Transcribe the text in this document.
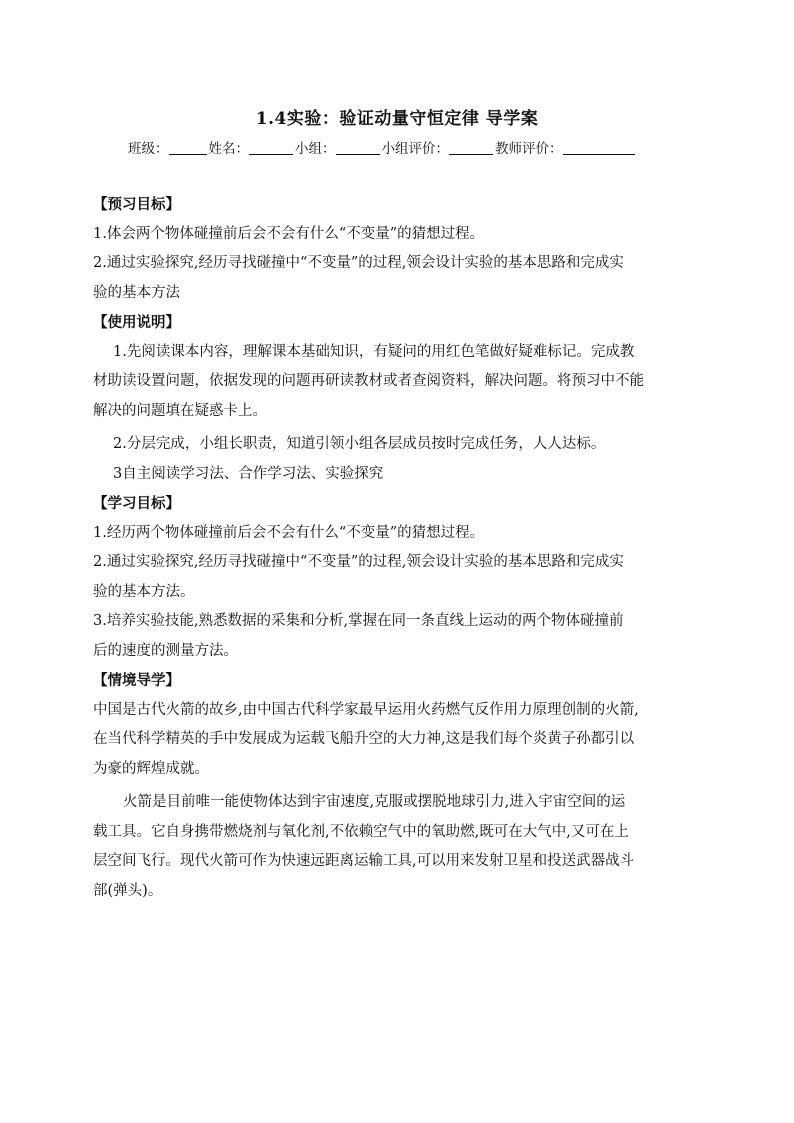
1.4实验：验证动量守恒定律 导学案
班级：	姓名：	小组：	小组评价：	教师评价：
【预习目标】
1.体会两个物体碰撞前后会不会有什么“不变量”的猜想过程。
2.通过实验探究,经历寻找碰撞中“不变量”的过程,领会设计实验的基本思路和完成实
验的基本方法
【使用说明】
1.先阅读课本内容，理解课本基础知识，有疑问的用红色笔做好疑难标记。完成教
材助读设置问题，依据发现的问题再研读教材或者查阅资料，解决问题。将预习中不能
解决的问题填在疑惑卡上。
2.分层完成，小组长职责，知道引领小组各层成员按时完成任务，人人达标。
3自主阅读学习法、合作学习法、实验探究
【学习目标】
1.经历两个物体碰撞前后会不会有什么“不变量”的猜想过程。
2.通过实验探究,经历寻找碰撞中“不变量”的过程,领会设计实验的基本思路和完成实
验的基本方法。
3.培养实验技能,熟悉数据的采集和分析,掌握在同一条直线上运动的两个物体碰撞前
后的速度的测量方法。
【情境导学】
中国是古代火箭的故乡,由中国古代科学家最早运用火药燃气反作用力原理创制的火箭,
在当代科学精英的手中发展成为运载飞船升空的大力神,这是我们每个炎黄子孙都引以
为豪的辉煌成就。
火箭是目前唯一能使物体达到宇宙速度,克服或摆脱地球引力,进入宇宙空间的运
载工具。它自身携带燃烧剂与氧化剂,不依赖空气中的氧助燃,既可在大气中,又可在上
层空间飞行。现代火箭可作为快速远距离运输工具,可以用来发射卫星和投送武器战斗
部(弹头)。
